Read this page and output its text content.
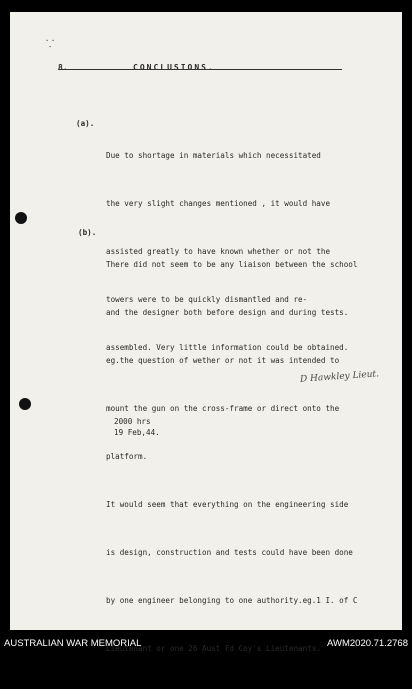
⸪
8.	CONCLUSIONS.
(a).

Due to shortage in materials which necessitated

the very slight changes mentioned , it would have

assisted greatly to have known whether or not the

towers were to be quickly dismantled and re-

assembled. Very little information could be obtained.

(b).

There did not seem to be any liaison between the school

and the designer both before design and during tests.

eg.the question of wether or not it was intended to

mount the gun on the cross-frame or direct onto the

platform.

It would seem that everything on the engineering side

is design, construction and tests could have been done

by one engineer belonging to one authority.eg.1 I. of C

Lieutenant or one 26 Aust Fd Coy's Lieutenants.

D Hawkley Lieut.
2000 hrs
19 Feb,44.
AUSTRALIAN WAR MEMORIAL	AWM2020.71.2768
